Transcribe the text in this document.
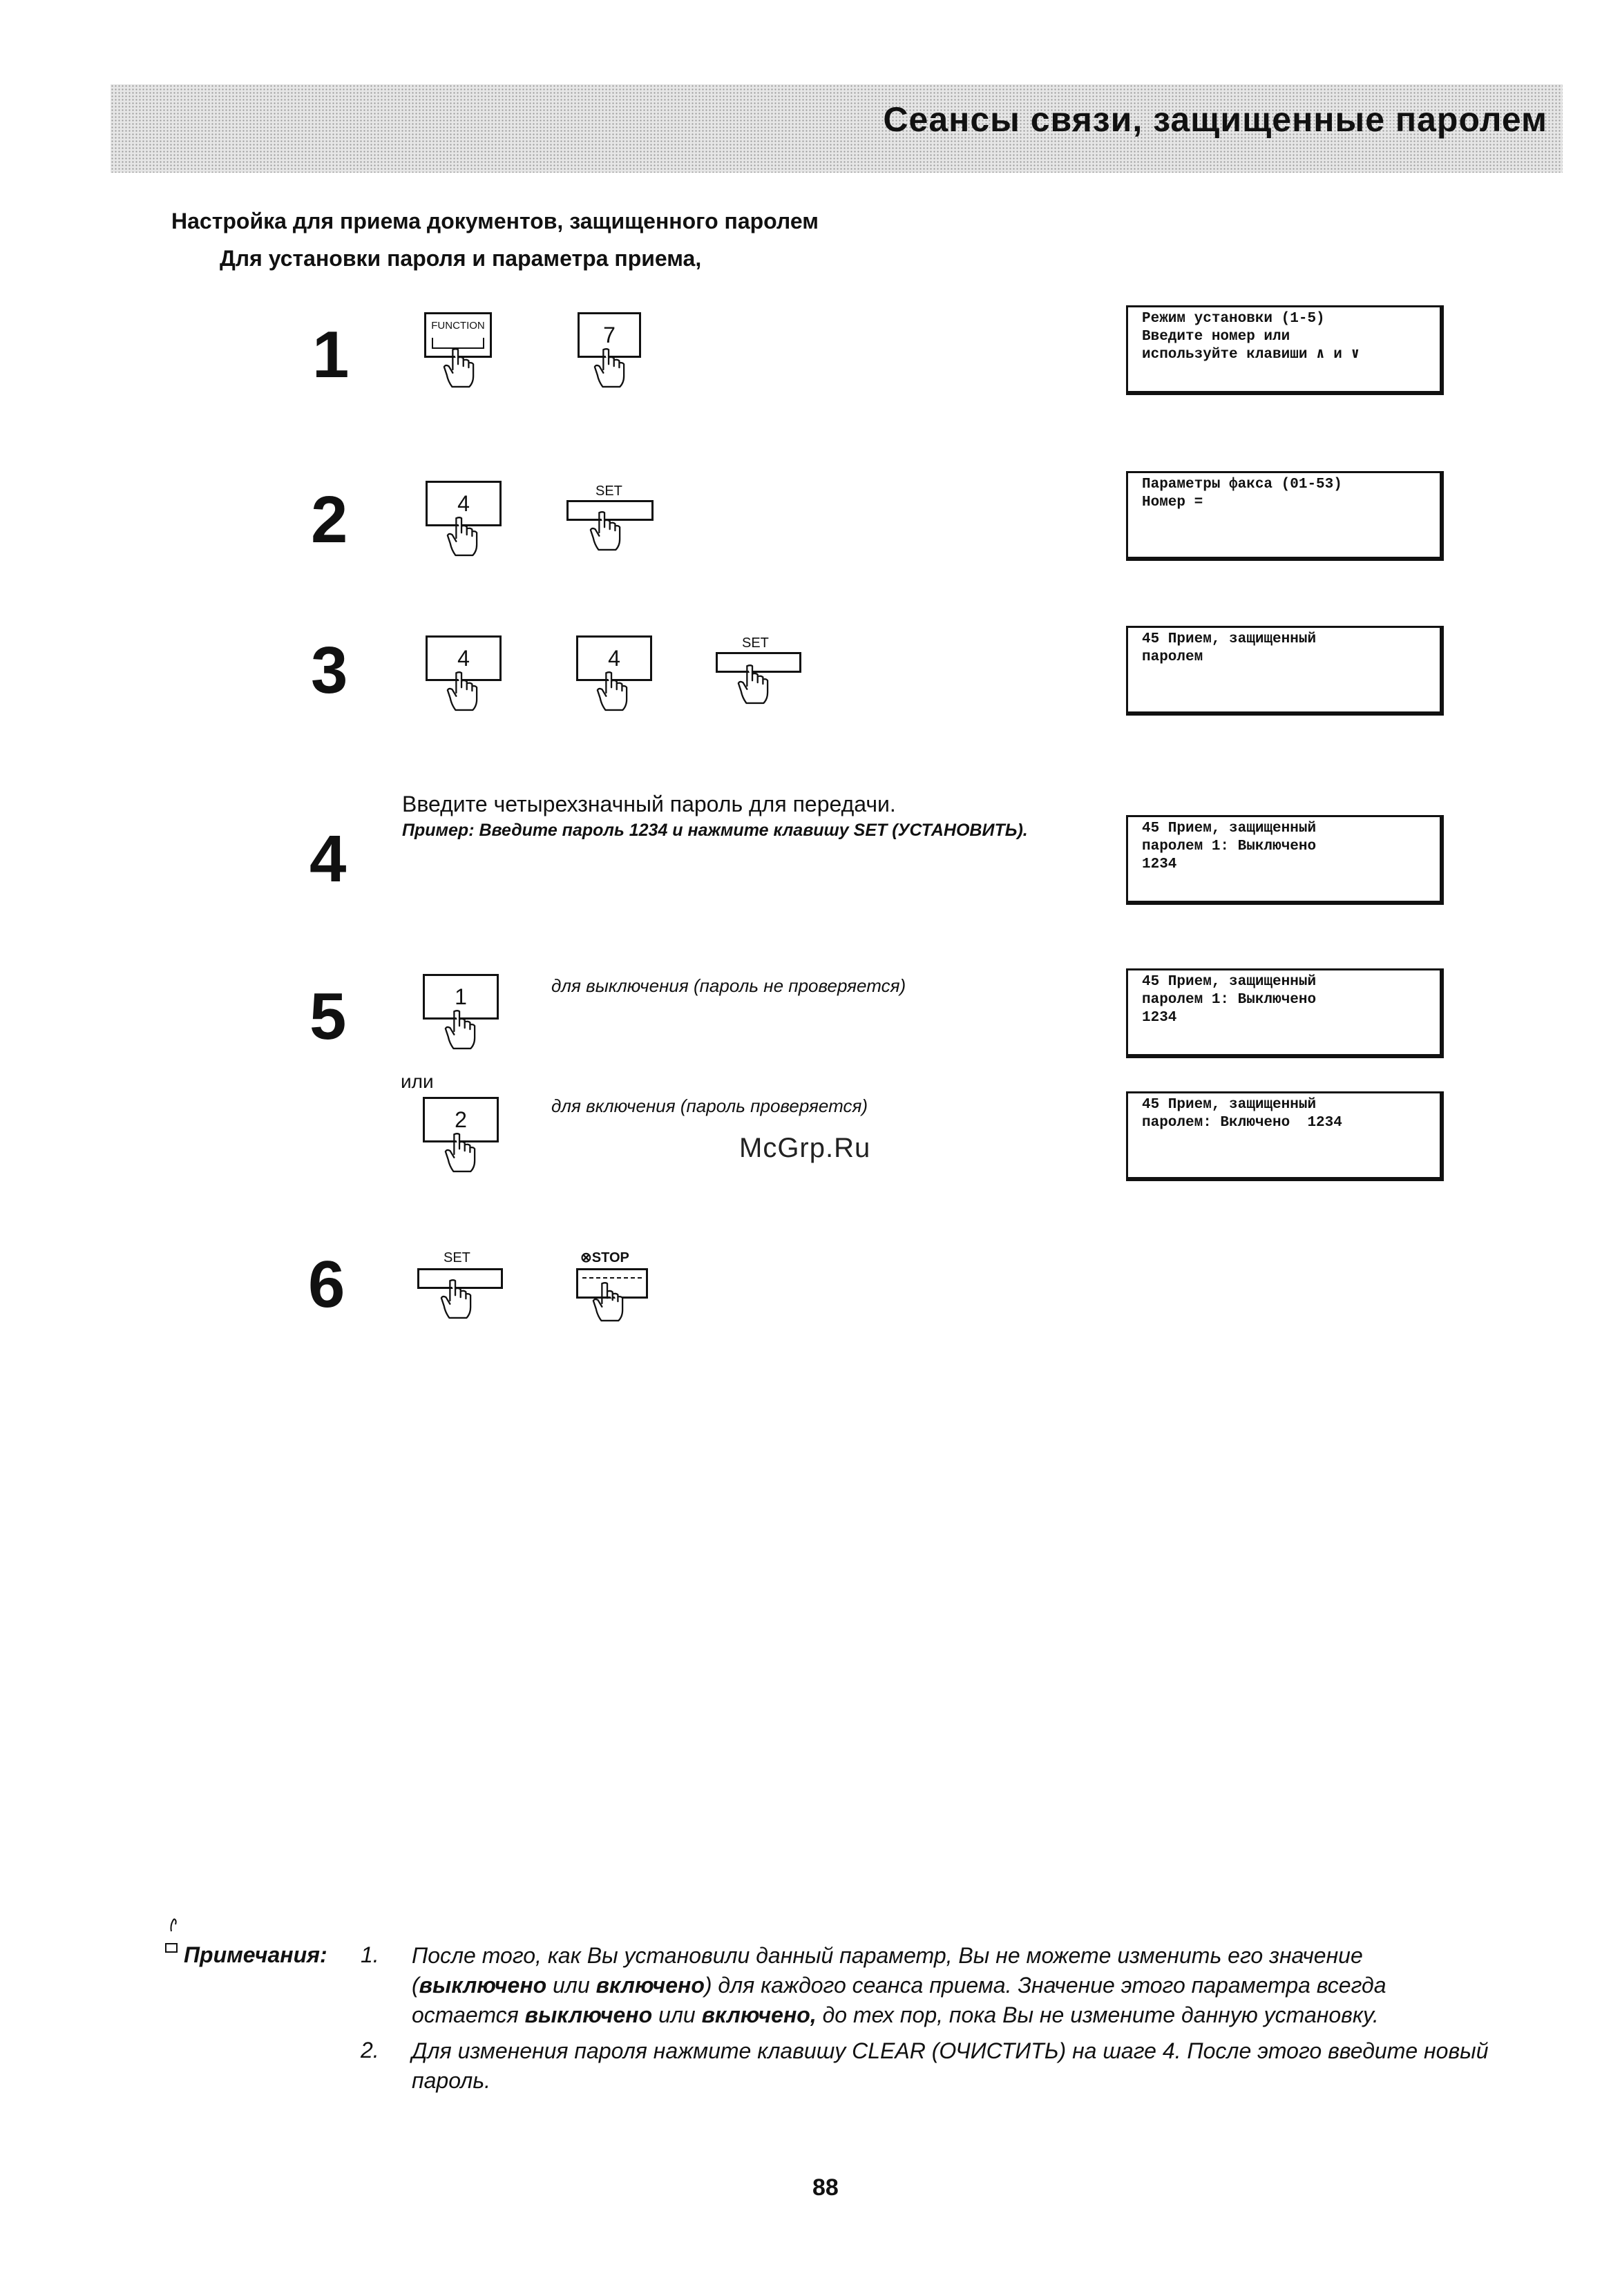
Сеансы связи, защищенные паролем
Настройка для приема документов, защищенного паролем
Для установки пароля и параметра приема,
1	FUNCTION	7
Режим установки (1-5)
Введите номер или
используйте клавиши ∧ и ∨
2	4	SET	Параметры факса (01-53)
Номер =
3	4	4
SET	45 Прием, защищенный
паролем
4
Введите четырехзначный пароль для передачи.
Пример: Введите пароль 1234 и нажмите клавишу SET (УСТАНОВИТЬ).	45 Прием, защищенный
паролем 1: Выключено
1234
5	1	для выключения (пароль не проверяется)	45 Прием, защищенный
паролем 1: Выключено
1234
или
2
для включения (пароль проверяется)	45 Прием, защищенный
паролем: Включено  1234
McGrp.Ru
6	SET	⊗STOP
Примечания: 1. После того, как Вы установили данный параметр, Вы не можете изменить его значение (выключено или включено) для каждого сеанса приема. Значение этого параметра всегда остается выключено или включено, до тех пор, пока Вы не измените данную установку.
2. Для изменения пароля нажмите клавишу CLEAR (ОЧИСТИТЬ) на шаге 4. После этого введите новый пароль.
88
